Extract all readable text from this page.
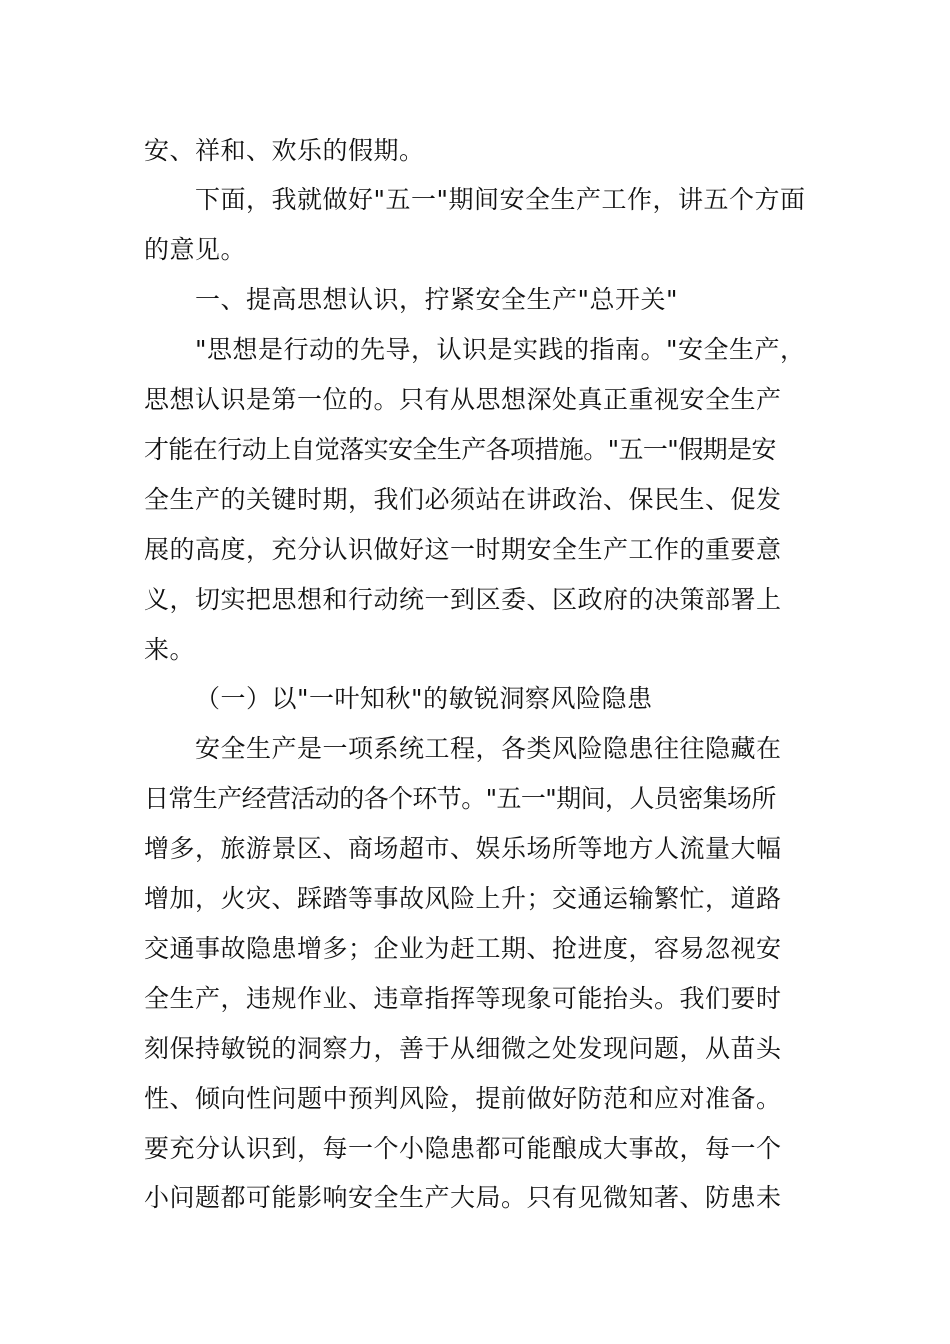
安、祥和、欢乐的假期。
下面，我就做好"五一"期间安全生产工作，讲五个方面
的意见。
一、提高思想认识，拧紧安全生产"总开关"
"思想是行动的先导，认识是实践的指南。"安全生产，
思想认识是第一位的。只有从思想深处真正重视安全生产
才能在行动上自觉落实安全生产各项措施。"五一"假期是安
全生产的关键时期，我们必须站在讲政治、保民生、促发
展的高度，充分认识做好这一时期安全生产工作的重要意
义，切实把思想和行动统一到区委、区政府的决策部署上
来。
（一）以"一叶知秋"的敏锐洞察风险隐患
安全生产是一项系统工程，各类风险隐患往往隐藏在
日常生产经营活动的各个环节。"五一"期间，人员密集场所
增多，旅游景区、商场超市、娱乐场所等地方人流量大幅
增加，火灾、踩踏等事故风险上升；交通运输繁忙，道路
交通事故隐患增多；企业为赶工期、抢进度，容易忽视安
全生产，违规作业、违章指挥等现象可能抬头。我们要时
刻保持敏锐的洞察力，善于从细微之处发现问题，从苗头
性、倾向性问题中预判风险，提前做好防范和应对准备。
要充分认识到，每一个小隐患都可能酿成大事故，每一个
小问题都可能影响安全生产大局。只有见微知著、防患未
